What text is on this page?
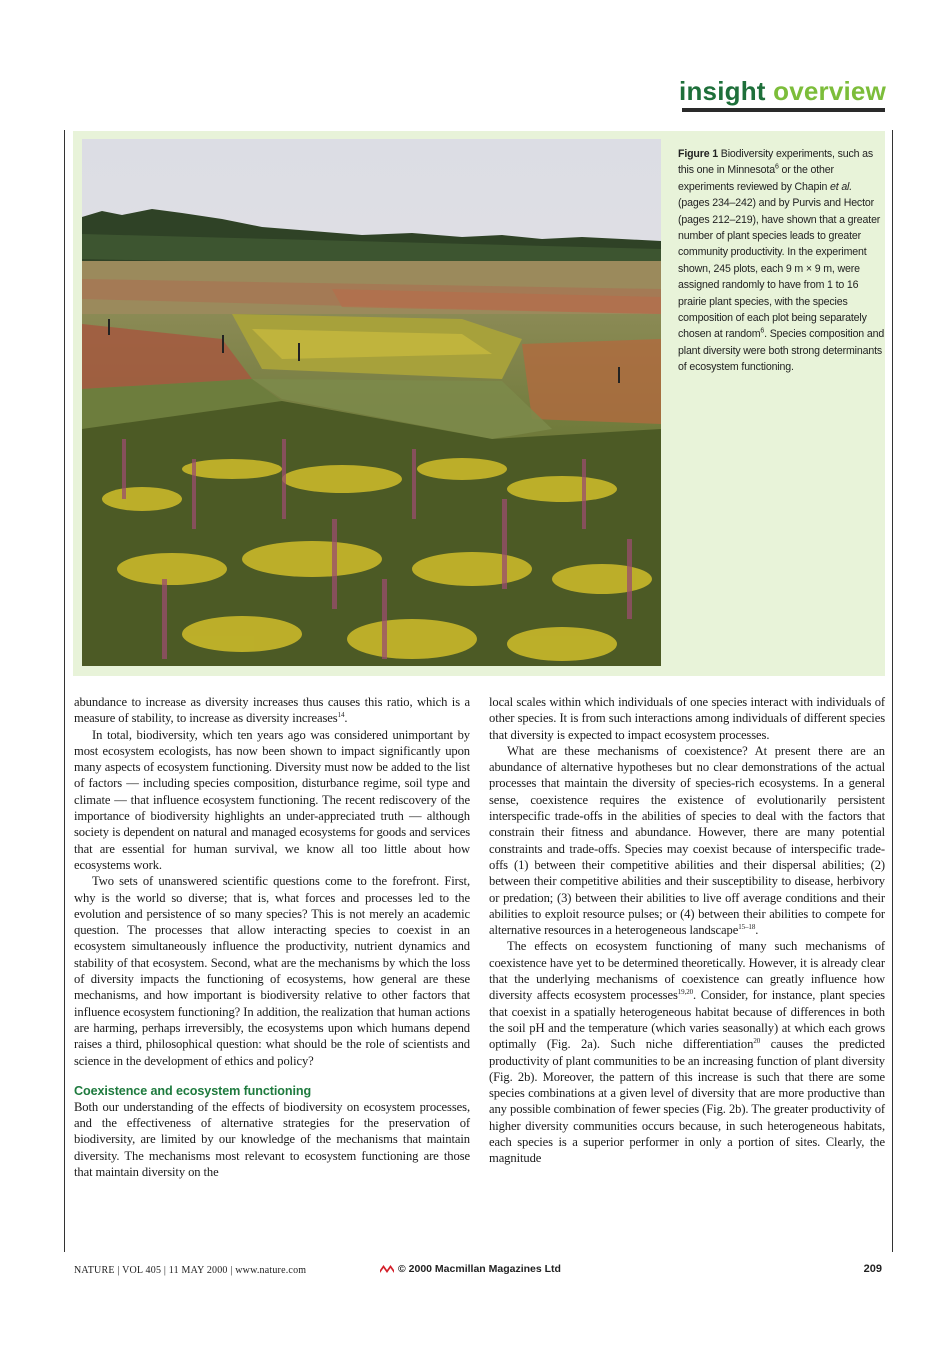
insight overview
Figure 1 Biodiversity experiments, such as this one in Minnesota$^6$ or the other experiments reviewed by Chapin et al. (pages 234–242) and by Purvis and Hector (pages 212–219), have shown that a greater number of plant species leads to greater community productivity. In the experiment shown, 245 plots, each 9 m × 9 m, were assigned randomly to have from 1 to 16 prairie plant species, with the species composition of each plot being separately chosen at random$^6$. Species composition and plant diversity were both strong determinants of ecosystem functioning.

abundance to increase as diversity increases thus causes this ratio, which is a measure of stability, to increase as diversity increases$^{14}$.

In total, biodiversity, which ten years ago was considered unimportant by most ecosystem ecologists, has now been shown to impact significantly upon many aspects of ecosystem functioning. Diversity must now be added to the list of factors — including species composition, disturbance regime, soil type and climate — that influence ecosystem functioning. The recent rediscovery of the importance of biodiversity highlights an under-appreciated truth — although society is dependent on natural and managed ecosystems for goods and services that are essential for human survival, we know all too little about how ecosystems work.

Two sets of unanswered scientific questions come to the forefront. First, why is the world so diverse; that is, what forces and processes led to the evolution and persistence of so many species? This is not merely an academic question. The processes that allow interacting species to coexist in an ecosystem simultaneously influence the productivity, nutrient dynamics and stability of that ecosystem. Second, what are the mechanisms by which the loss of diversity impacts the functioning of ecosystems, how general are these mechanisms, and how important is biodiversity relative to other factors that influence ecosystem functioning? In addition, the realization that human actions are harming, perhaps irreversibly, the ecosystems upon which humans depend raises a third, philosophical question: what should be the role of scientists and science in the development of ethics and policy?

Coexistence and ecosystem functioning

Both our understanding of the effects of biodiversity on ecosystem processes, and the effectiveness of alternative strategies for the preservation of biodiversity, are limited by our knowledge of the mechanisms that maintain diversity. The mechanisms most relevant to ecosystem functioning are those that maintain diversity on the

local scales within which individuals of one species interact with individuals of other species. It is from such interactions among individuals of different species that diversity is expected to impact ecosystem processes.

What are these mechanisms of coexistence? At present there are an abundance of alternative hypotheses but no clear demonstrations of the actual processes that maintain the diversity of species-rich ecosystems. In a general sense, coexistence requires the existence of evolutionarily persistent interspecific trade-offs in the abilities of species to deal with the factors that constrain their fitness and abundance. However, there are many potential constraints and trade-offs. Species may coexist because of interspecific trade-offs (1) between their competitive abilities and their dispersal abilities; (2) between their competitive abilities and their susceptibility to disease, herbivory or predation; (3) between their abilities to live off average conditions and their abilities to exploit resource pulses; or (4) between their abilities to compete for alternative resources in a heterogeneous landscape$^{15-18}$.

The effects on ecosystem functioning of many such mechanisms of coexistence have yet to be determined theoretically. However, it is already clear that the underlying mechanisms of coexistence can greatly influence how diversity affects ecosystem processes$^{19,20}$. Consider, for instance, plant species that coexist in a spatially heterogeneous habitat because of differences in both the soil pH and the temperature (which varies seasonally) at which each grows optimally (Fig. 2a). Such niche differentiation$^{20}$ causes the predicted productivity of plant communities to be an increasing function of plant diversity (Fig. 2b). Moreover, the pattern of this increase is such that there are some species combinations at a given level of diversity that are more productive than any possible combination of fewer species (Fig. 2b). The greater productivity of higher diversity communities occurs because, in such heterogeneous habitats, each species is a superior performer in only a portion of sites. Clearly, the magnitude

NATURE | VOL 405 | 11 MAY 2000 | www.nature.com	© 2000 Macmillan Magazines Ltd	209
